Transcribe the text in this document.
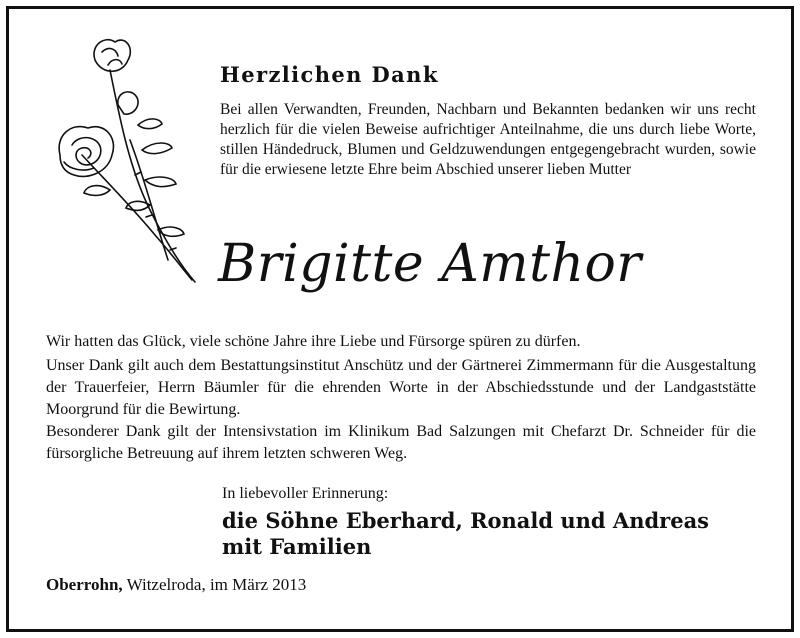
Herzlichen Dank
Bei allen Verwandten, Freunden, Nachbarn und Bekannten bedanken wir uns recht herzlich für die vielen Beweise aufrichtiger Anteilnahme, die uns durch liebe Worte, stillen Händedruck, Blumen und Geldzuwendungen entgegengebracht wurden, sowie für die erwiesene letzte Ehre beim Abschied unserer lieben Mutter
Brigitte Amthor
Wir hatten das Glück, viele schöne Jahre ihre Liebe und Fürsorge spüren zu dürfen.
Unser Dank gilt auch dem Bestattungsinstitut Anschütz und der Gärtnerei Zimmermann für die Ausgestaltung der Trauerfeier, Herrn Bäumler für die ehrenden Worte in der Abschiedsstunde und der Landgaststätte Moorgrund für die Bewirtung.
Besonderer Dank gilt der Intensivstation im Klinikum Bad Salzungen mit Chefarzt Dr. Schneider für die fürsorgliche Betreuung auf ihrem letzten schweren Weg.
In liebevoller Erinnerung:
die Söhne Eberhard, Ronald und Andreas
mit Familien
Oberrohn, Witzelroda, im März 2013
